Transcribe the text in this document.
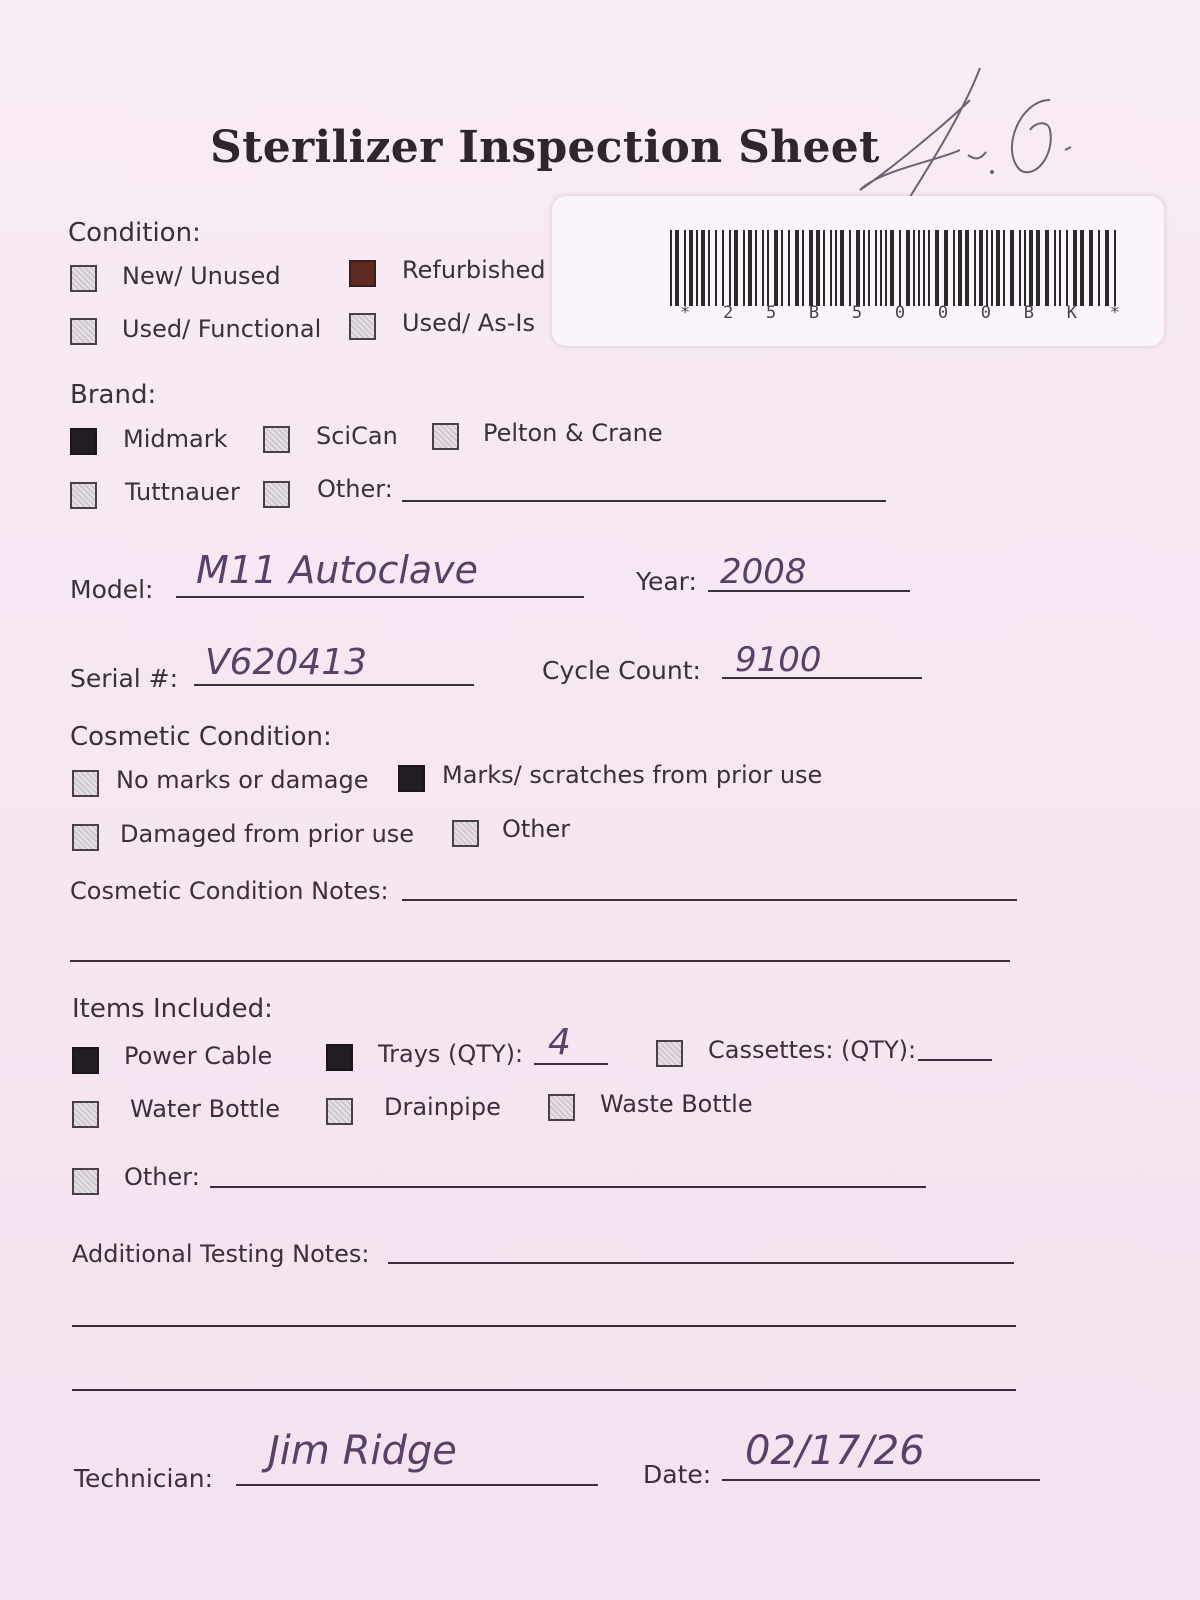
Sterilizer Inspection Sheet
* 2 5 B 5 0 0 0 B K *
Condition:
New/ Unused	Refurbished
Used/ Functional	Used/ As-Is
Brand:
Midmark	SciCan	Pelton & Crane
Tuttnauer	Other:
Model: M11 Autoclave	Year: 2008
Serial #: V620413	Cycle Count: 9100
Cosmetic Condition:
No marks or damage	Marks/ scratches from prior use
Damaged from prior use	Other
Cosmetic Condition Notes:
Items Included:
Power Cable	Trays (QTY): 4	Cassettes: (QTY):
Water Bottle	Drainpipe	Waste Bottle
Other:
Additional Testing Notes:
Technician:
Jim Ridge
Date:
02/17/26
